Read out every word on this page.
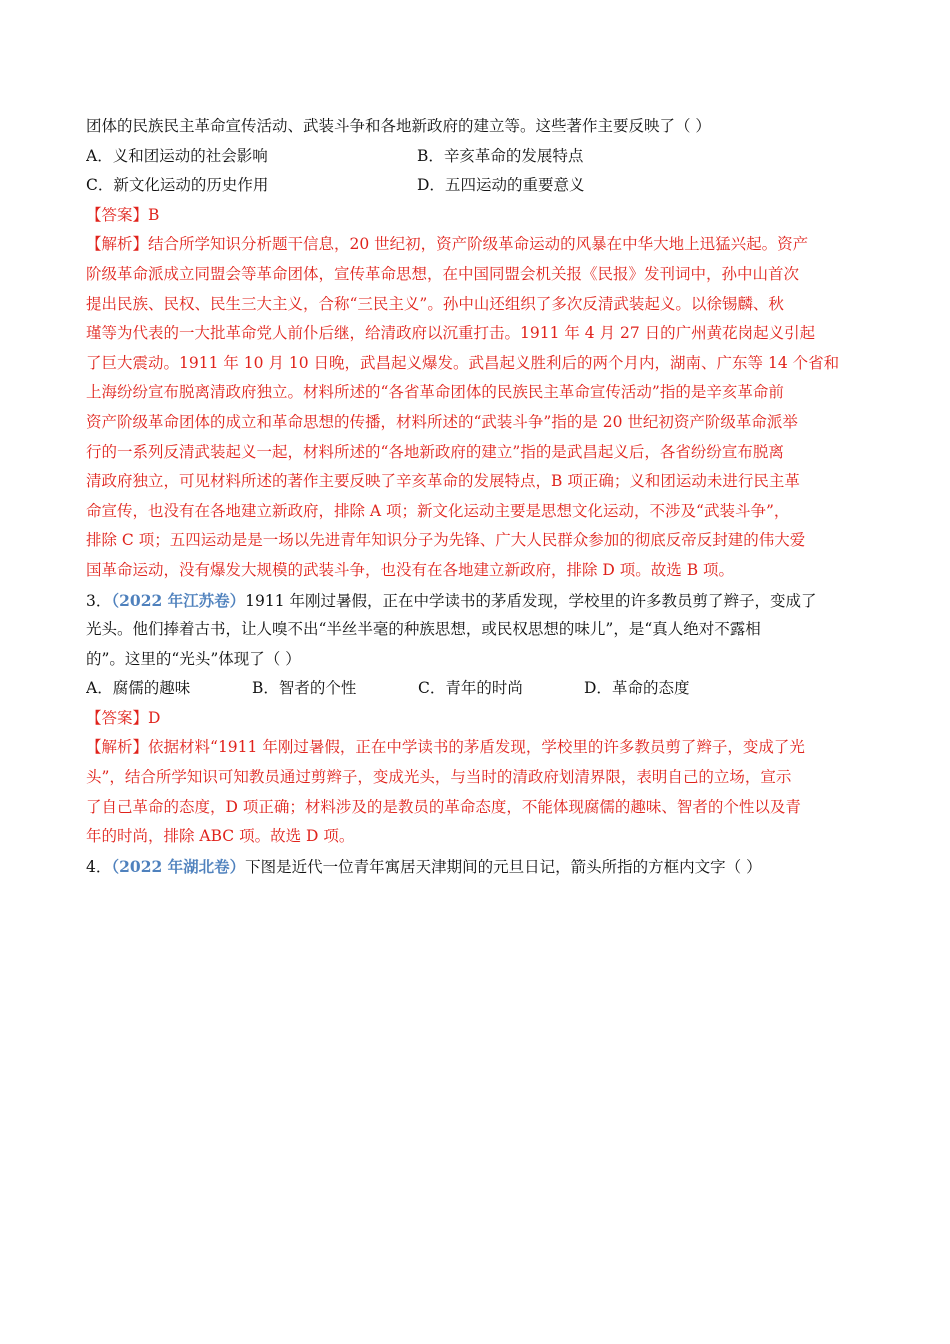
团体的民族民主革命宣传活动、武装斗争和各地新政府的建立等。这些著作主要反映了（ ）
A．义和团运动的社会影响	B．辛亥革命的发展特点
C．新文化运动的历史作用	D．五四运动的重要意义
【答案】B
【解析】结合所学知识分析题干信息，20 世纪初，资产阶级革命运动的风暴在中华大地上迅猛兴起。资产
阶级革命派成立同盟会等革命团体，宣传革命思想，在中国同盟会机关报《民报》发刊词中，孙中山首次
提出民族、民权、民生三大主义，合称“三民主义”。孙中山还组织了多次反清武装起义。以徐锡麟、秋
瑾等为代表的一大批革命党人前仆后继，给清政府以沉重打击。1911 年 4 月 27 日的广州黄花岗起义引起
了巨大震动。1911 年 10 月 10 日晚，武昌起义爆发。武昌起义胜利后的两个月内，湖南、广东等 14 个省和
上海纷纷宣布脱离清政府独立。材料所述的“各省革命团体的民族民主革命宣传活动”指的是辛亥革命前
资产阶级革命团体的成立和革命思想的传播，材料所述的“武装斗争”指的是 20 世纪初资产阶级革命派举
行的一系列反清武装起义一起，材料所述的“各地新政府的建立”指的是武昌起义后，各省纷纷宣布脱离
清政府独立，可见材料所述的著作主要反映了辛亥革命的发展特点，B 项正确；义和团运动未进行民主革
命宣传，也没有在各地建立新政府，排除 A 项；新文化运动主要是思想文化运动，不涉及“武装斗争”，
排除 C 项；五四运动是是一场以先进青年知识分子为先锋、广大人民群众参加的彻底反帝反封建的伟大爱
国革命运动，没有爆发大规模的武装斗争，也没有在各地建立新政府，排除 D 项。故选 B 项。
3．（2022 年江苏卷）1911 年刚过暑假，正在中学读书的茅盾发现，学校里的许多教员剪了辫子，变成了
光头。他们捧着古书，让人嗅不出“半丝半毫的种族思想，或民权思想的味儿”，是“真人绝对不露相
的”。这里的“光头”体现了（ ）
A．腐儒的趣味	B．智者的个性	C．青年的时尚	D．革命的态度
【答案】D
【解析】依据材料“1911 年刚过暑假，正在中学读书的茅盾发现，学校里的许多教员剪了辫子，变成了光
头”，结合所学知识可知教员通过剪辫子，变成光头，与当时的清政府划清界限，表明自己的立场，宣示
了自己革命的态度，D 项正确；材料涉及的是教员的革命态度，不能体现腐儒的趣味、智者的个性以及青
年的时尚，排除 ABC 项。故选 D 项。
4．（2022 年湖北卷）下图是近代一位青年寓居天津期间的元旦日记，箭头所指的方框内文字（ ）
